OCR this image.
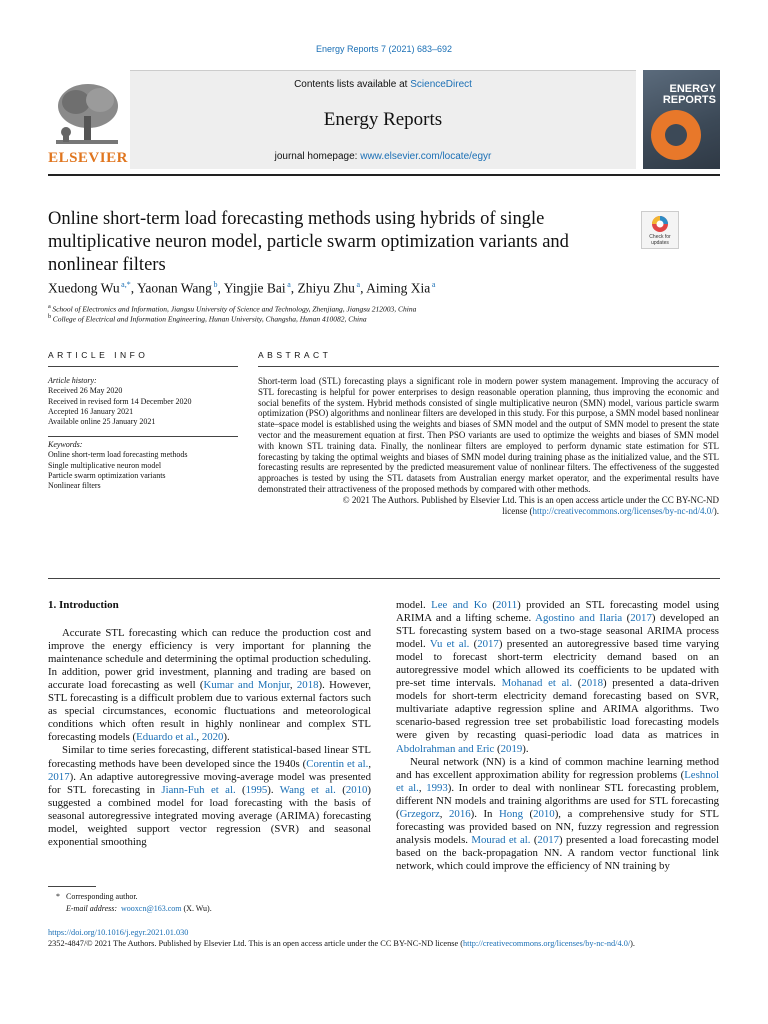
Energy Reports 7 (2021) 683–692
ELSEVIER
Contents lists available at ScienceDirect
Energy Reports
journal homepage: www.elsevier.com/locate/egyr
ENERGY
REPORTS
Online short-term load forecasting methods using hybrids of single multiplicative neuron model, particle swarm optimization variants and nonlinear filters
Check for updates
Xuedong Wu $^{a,*}$, Yaonan Wang $^b$, Yingjie Bai $^a$, Zhiyu Zhu $^a$, Aiming Xia $^a$
$^a$ School of Electronics and Information, Jiangsu University of Science and Technology, Zhenjiang, Jiangsu 212003, China
$^b$ College of Electrical and Information Engineering, Hunan University, Changsha, Hunan 410082, China
ARTICLE INFO	ABSTRACT
Article history:
Received 26 May 2020
Received in revised form 14 December 2020
Accepted 16 January 2021
Available online 25 January 2021
Keywords:
Online short-term load forecasting methods
Single multiplicative neuron model
Particle swarm optimization variants
Nonlinear filters
Short-term load (STL) forecasting plays a significant role in modern power system management. Improving the accuracy of STL forecasting is helpful for power enterprises to design reasonable operation planning, thus improving the economic and social benefits of the system. Hybrid methods consisted of single multiplicative neuron (SMN) model, various particle swarm optimization (PSO) algorithms and nonlinear filters are developed in this study. For this purpose, a SMN model based nonlinear state–space model is established using the weights and biases of SMN model and the output of SMN model to present the state vector and the measurement equation at first. Then PSO variants are used to optimize the weights and biases of SMN model with known STL training data. Finally, the nonlinear filters are employed to perform dynamic state estimation for STL forecasting by taking the optimal weights and biases of SMN model during training phase as the initialized value, and the STL forecasting results are represented by the predicted measurement value of nonlinear filters. The effectiveness of the suggested approaches is tested by using the STL datasets from Australian energy market operator, and the experimental results have demonstrated their attractiveness of the proposed methods by compared with other methods.
© 2021 The Authors. Published by Elsevier Ltd. This is an open access article under the CC BY-NC-ND
license (http://creativecommons.org/licenses/by-nc-nd/4.0/).
1. Introduction

Accurate STL forecasting which can reduce the production cost and improve the energy efficiency is very important for planning the maintenance schedule and determining the optimal production scheduling. In addition, power grid investment, planning and trading are based on accurate load forecasting as well (Kumar and Monjur, 2018). However, STL forecasting is a difficult problem due to various external factors such as special circumstances, economic fluctuations and meteorological conditions which often result in highly nonlinear and complex STL forecasting models (Eduardo et al., 2020).

Similar to time series forecasting, different statistical-based linear STL forecasting methods have been developed since the 1940s (Corentin et al., 2017). An adaptive autoregressive moving-average model was presented for STL forecasting in Jiann-Fuh et al. (1995). Wang et al. (2010) suggested a combined model for load forecasting with the basis of seasonal autoregressive integrated moving average (ARIMA) forecasting model, weighted support vector regression (SVR) and seasonal exponential smoothing

model. Lee and Ko (2011) provided an STL forecasting model using ARIMA and a lifting scheme. Agostino and Ilaria (2017) developed an STL forecasting system based on a two-stage seasonal ARIMA process model. Vu et al. (2017) presented an autoregressive based time varying model to forecast short-term electricity demand based on an autoregressive model which allowed its coefficients to be updated with pre-set time intervals. Mohanad et al. (2018) presented a data-driven models for short-term electricity demand forecasting based on SVR, multivariate adaptive regression spline and ARIMA algorithms. Two scenario-based regression tree set probabilistic load forecasting models were given by recasting quasi-periodic load data as matrices in Abdolrahman and Eric (2019).

Neural network (NN) is a kind of common machine learning method and has excellent approximation ability for regression problems (Leshnol et al., 1993). In order to deal with nonlinear STL forecasting problem, different NN models and training algorithms are used for STL forecasting (Grzegorz, 2016). In Hong (2010), a comprehensive study for STL forecasting was provided based on NN, fuzzy regression and regression analysis models. Mourad et al. (2017) presented a load forecasting model based on the back-propagation NN. A random vector functional link network, which could improve the efficiency of NN training by

* Corresponding author.
E-mail address: wooxcn@163.com (X. Wu).
https://doi.org/10.1016/j.egyr.2021.01.030
2352-4847/© 2021 The Authors. Published by Elsevier Ltd. This is an open access article under the CC BY-NC-ND license (http://creativecommons.org/licenses/by-nc-nd/4.0/).
